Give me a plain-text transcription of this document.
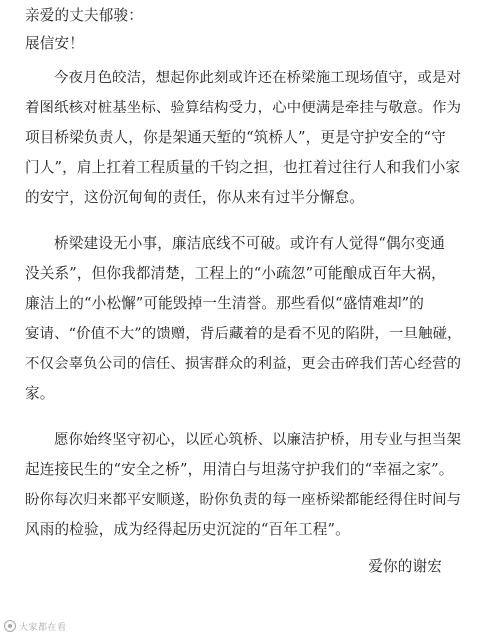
亲爱的丈夫郁骏：
展信安！
今夜月色皎洁，想起你此刻或许还在桥梁施工现场值守，或是对
着图纸核对桩基坐标、验算结构受力，心中便满是牵挂与敬意。作为
项目桥梁负责人，你是架通天堑的“筑桥人”，更是守护安全的“守
门人”，肩上扛着工程质量的千钧之担，也扛着过往行人和我们小家
的安宁，这份沉甸甸的责任，你从来有过半分懈怠。
桥梁建设无小事，廉洁底线不可破。或许有人觉得“偶尔变通
没关系”，但你我都清楚，工程上的“小疏忽”可能酿成百年大祸，
廉洁上的“小松懈”可能毁掉一生清誉。那些看似“盛情难却”的
宴请、“价值不大”的馈赠，背后藏着的是看不见的陷阱，一旦触碰，
不仅会辜负公司的信任、损害群众的利益，更会击碎我们苦心经营的
家。
愿你始终坚守初心，以匠心筑桥、以廉洁护桥，用专业与担当架
起连接民生的“安全之桥”，用清白与坦荡守护我们的“幸福之家”。
盼你每次归来都平安顺遂，盼你负责的每一座桥梁都能经得住时间与
风雨的检验，成为经得起历史沉淀的“百年工程”。
爱你的谢宏
大家都在看
